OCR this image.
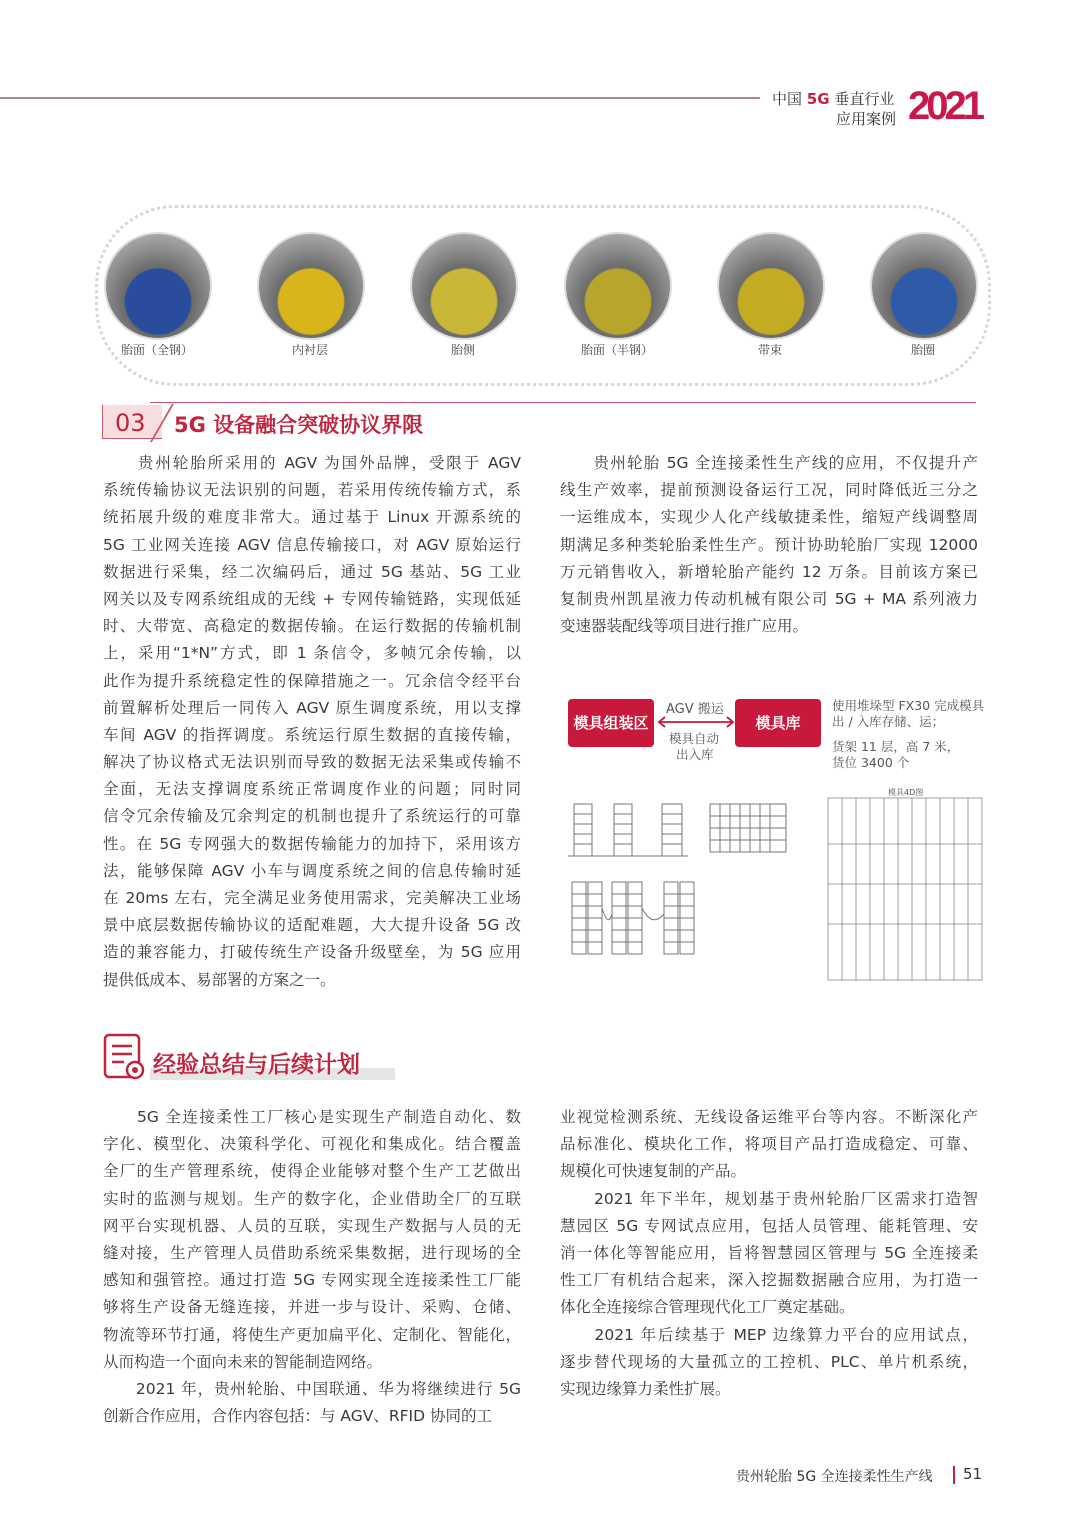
中国 5G 垂直行业
应用案例 2021
胎面（全钢）	内衬层	胎侧	胎面（半钢）	带束	胎圈
03	5G 设备融合突破协议界限
　　贵州轮胎所采用的 AGV 为国外品牌，受限于 AGV
系统传输协议无法识别的问题，若采用传统传输方式，系
统拓展升级的难度非常大。通过基于 Linux 开源系统的
5G 工业网关连接 AGV 信息传输接口，对 AGV 原始运行
数据进行采集，经二次编码后，通过 5G 基站、5G 工业
网关以及专网系统组成的无线 + 专网传输链路，实现低延
时、大带宽、高稳定的数据传输。在运行数据的传输机制
上，采用“1*N”方式，即 1 条信令，多帧冗余传输，以
此作为提升系统稳定性的保障措施之一。冗余信令经平台
前置解析处理后一同传入 AGV 原生调度系统，用以支撑
车间 AGV 的指挥调度。系统运行原生数据的直接传输，
解决了协议格式无法识别而导致的数据无法采集或传输不
全面，无法支撑调度系统正常调度作业的问题；同时同
信令冗余传输及冗余判定的机制也提升了系统运行的可靠
性。在 5G 专网强大的数据传输能力的加持下，采用该方
法，能够保障 AGV 小车与调度系统之间的信息传输时延
在 20ms 左右，完全满足业务使用需求，完美解决工业场
景中底层数据传输协议的适配难题，大大提升设备 5G 改
造的兼容能力，打破传统生产设备升级壁垒，为 5G 应用
提供低成本、易部署的方案之一。
　　贵州轮胎 5G 全连接柔性生产线的应用，不仅提升产
线生产效率，提前预测设备运行工况，同时降低近三分之
一运维成本，实现少人化产线敏捷柔性，缩短产线调整周
期满足多种类轮胎柔性生产。预计协助轮胎厂实现 12000
万元销售收入，新增轮胎产能约 12 万条。目前该方案已
复制贵州凯星液力传动机械有限公司 5G + MA 系列液力
变速器装配线等项目进行推广应用。
模具组装区	模具库
AGV 搬运
模具自动
出入库
使用堆垛型 FX30 完成模具
出 / 入库存储、运；
货架 11 层，高 7 米，
货位 3400 个
模具4D图
经验总结与后续计划
　　5G 全连接柔性工厂核心是实现生产制造自动化、数
字化、模型化、决策科学化、可视化和集成化。结合覆盖
全厂的生产管理系统，使得企业能够对整个生产工艺做出
实时的监测与规划。生产的数字化，企业借助全厂的互联
网平台实现机器、人员的互联，实现生产数据与人员的无
缝对接，生产管理人员借助系统采集数据，进行现场的全
感知和强管控。通过打造 5G 专网实现全连接柔性工厂能
够将生产设备无缝连接，并进一步与设计、采购、仓储、
物流等环节打通，将使生产更加扁平化、定制化、智能化，
从而构造一个面向未来的智能制造网络。
　　2021 年，贵州轮胎、中国联通、华为将继续进行 5G
创新合作应用，合作内容包括：与 AGV、RFID 协同的工
业视觉检测系统、无线设备运维平台等内容。不断深化产
品标准化、模块化工作，将项目产品打造成稳定、可靠、
规模化可快速复制的产品。
　　2021 年下半年，规划基于贵州轮胎厂区需求打造智
慧园区 5G 专网试点应用，包括人员管理、能耗管理、安
消一体化等智能应用，旨将智慧园区管理与 5G 全连接柔
性工厂有机结合起来，深入挖掘数据融合应用，为打造一
体化全连接综合管理现代化工厂奠定基础。
　　2021 年后续基于 MEP 边缘算力平台的应用试点，
逐步替代现场的大量孤立的工控机、PLC、单片机系统，
实现边缘算力柔性扩展。
贵州轮胎 5G 全连接柔性生产线 51
